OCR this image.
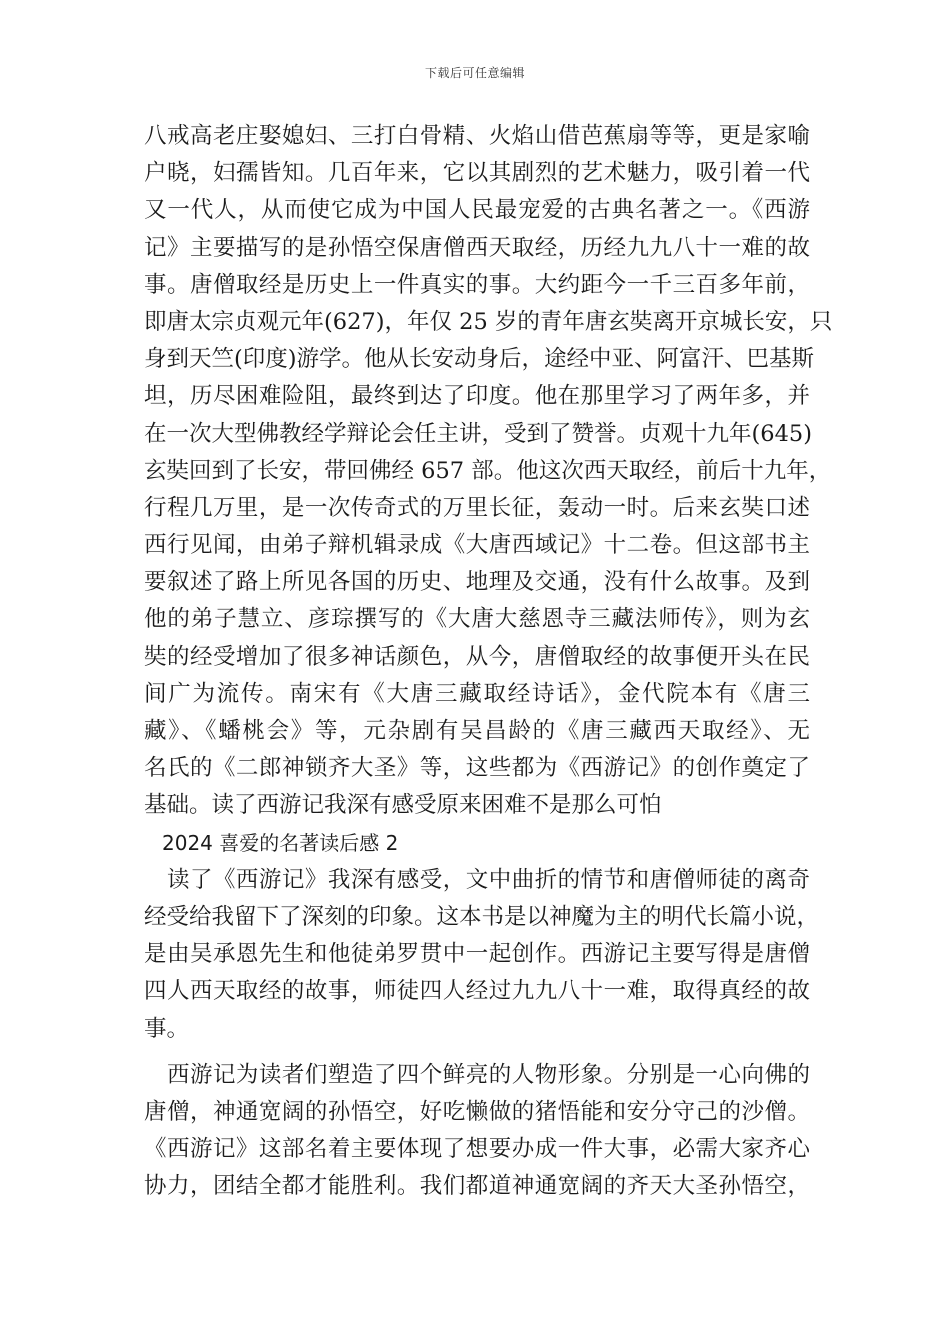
下载后可任意编辑
八戒高老庄娶媳妇、三打白骨精、火焰山借芭蕉扇等等，更是家喻
户晓，妇孺皆知。几百年来，它以其剧烈的艺术魅力，吸引着一代
又一代人，从而使它成为中国人民最宠爱的古典名著之一。《西游
记》主要描写的是孙悟空保唐僧西天取经，历经九九八十一难的故
事。唐僧取经是历史上一件真实的事。大约距今一千三百多年前，
即唐太宗贞观元年(627)，年仅 25 岁的青年唐玄奘离开京城长安，只
身到天竺(印度)游学。他从长安动身后，途经中亚、阿富汗、巴基斯
坦，历尽困难险阻，最终到达了印度。他在那里学习了两年多，并
在一次大型佛教经学辩论会任主讲，受到了赞誉。贞观十九年(645)
玄奘回到了长安，带回佛经 657 部。他这次西天取经，前后十九年，
行程几万里，是一次传奇式的万里长征，轰动一时。后来玄奘口述
西行见闻，由弟子辩机辑录成《大唐西域记》十二卷。但这部书主
要叙述了路上所见各国的历史、地理及交通，没有什么故事。及到
他的弟子慧立、彦琮撰写的《大唐大慈恩寺三藏法师传》，则为玄
奘的经受增加了很多神话颜色，从今，唐僧取经的故事便开头在民
间广为流传。南宋有《大唐三藏取经诗话》，金代院本有《唐三
藏》、《蟠桃会》等，元杂剧有吴昌龄的《唐三藏西天取经》、无
名氏的《二郎神锁齐大圣》等，这些都为《西游记》的创作奠定了
基础。读了西游记我深有感受原来困难不是那么可怕
2024 喜爱的名著读后感 2
　读了《西游记》我深有感受，文中曲折的情节和唐僧师徒的离奇
经受给我留下了深刻的印象。这本书是以神魔为主的明代长篇小说，
是由吴承恩先生和他徒弟罗贯中一起创作。西游记主要写得是唐僧
四人西天取经的故事，师徒四人经过九九八十一难，取得真经的故
事。
　西游记为读者们塑造了四个鲜亮的人物形象。分别是一心向佛的
唐僧，神通宽阔的孙悟空，好吃懒做的猪悟能和安分守己的沙僧。
《西游记》这部名着主要体现了想要办成一件大事，必需大家齐心
协力，团结全都才能胜利。我们都道神通宽阔的齐天大圣孙悟空，
